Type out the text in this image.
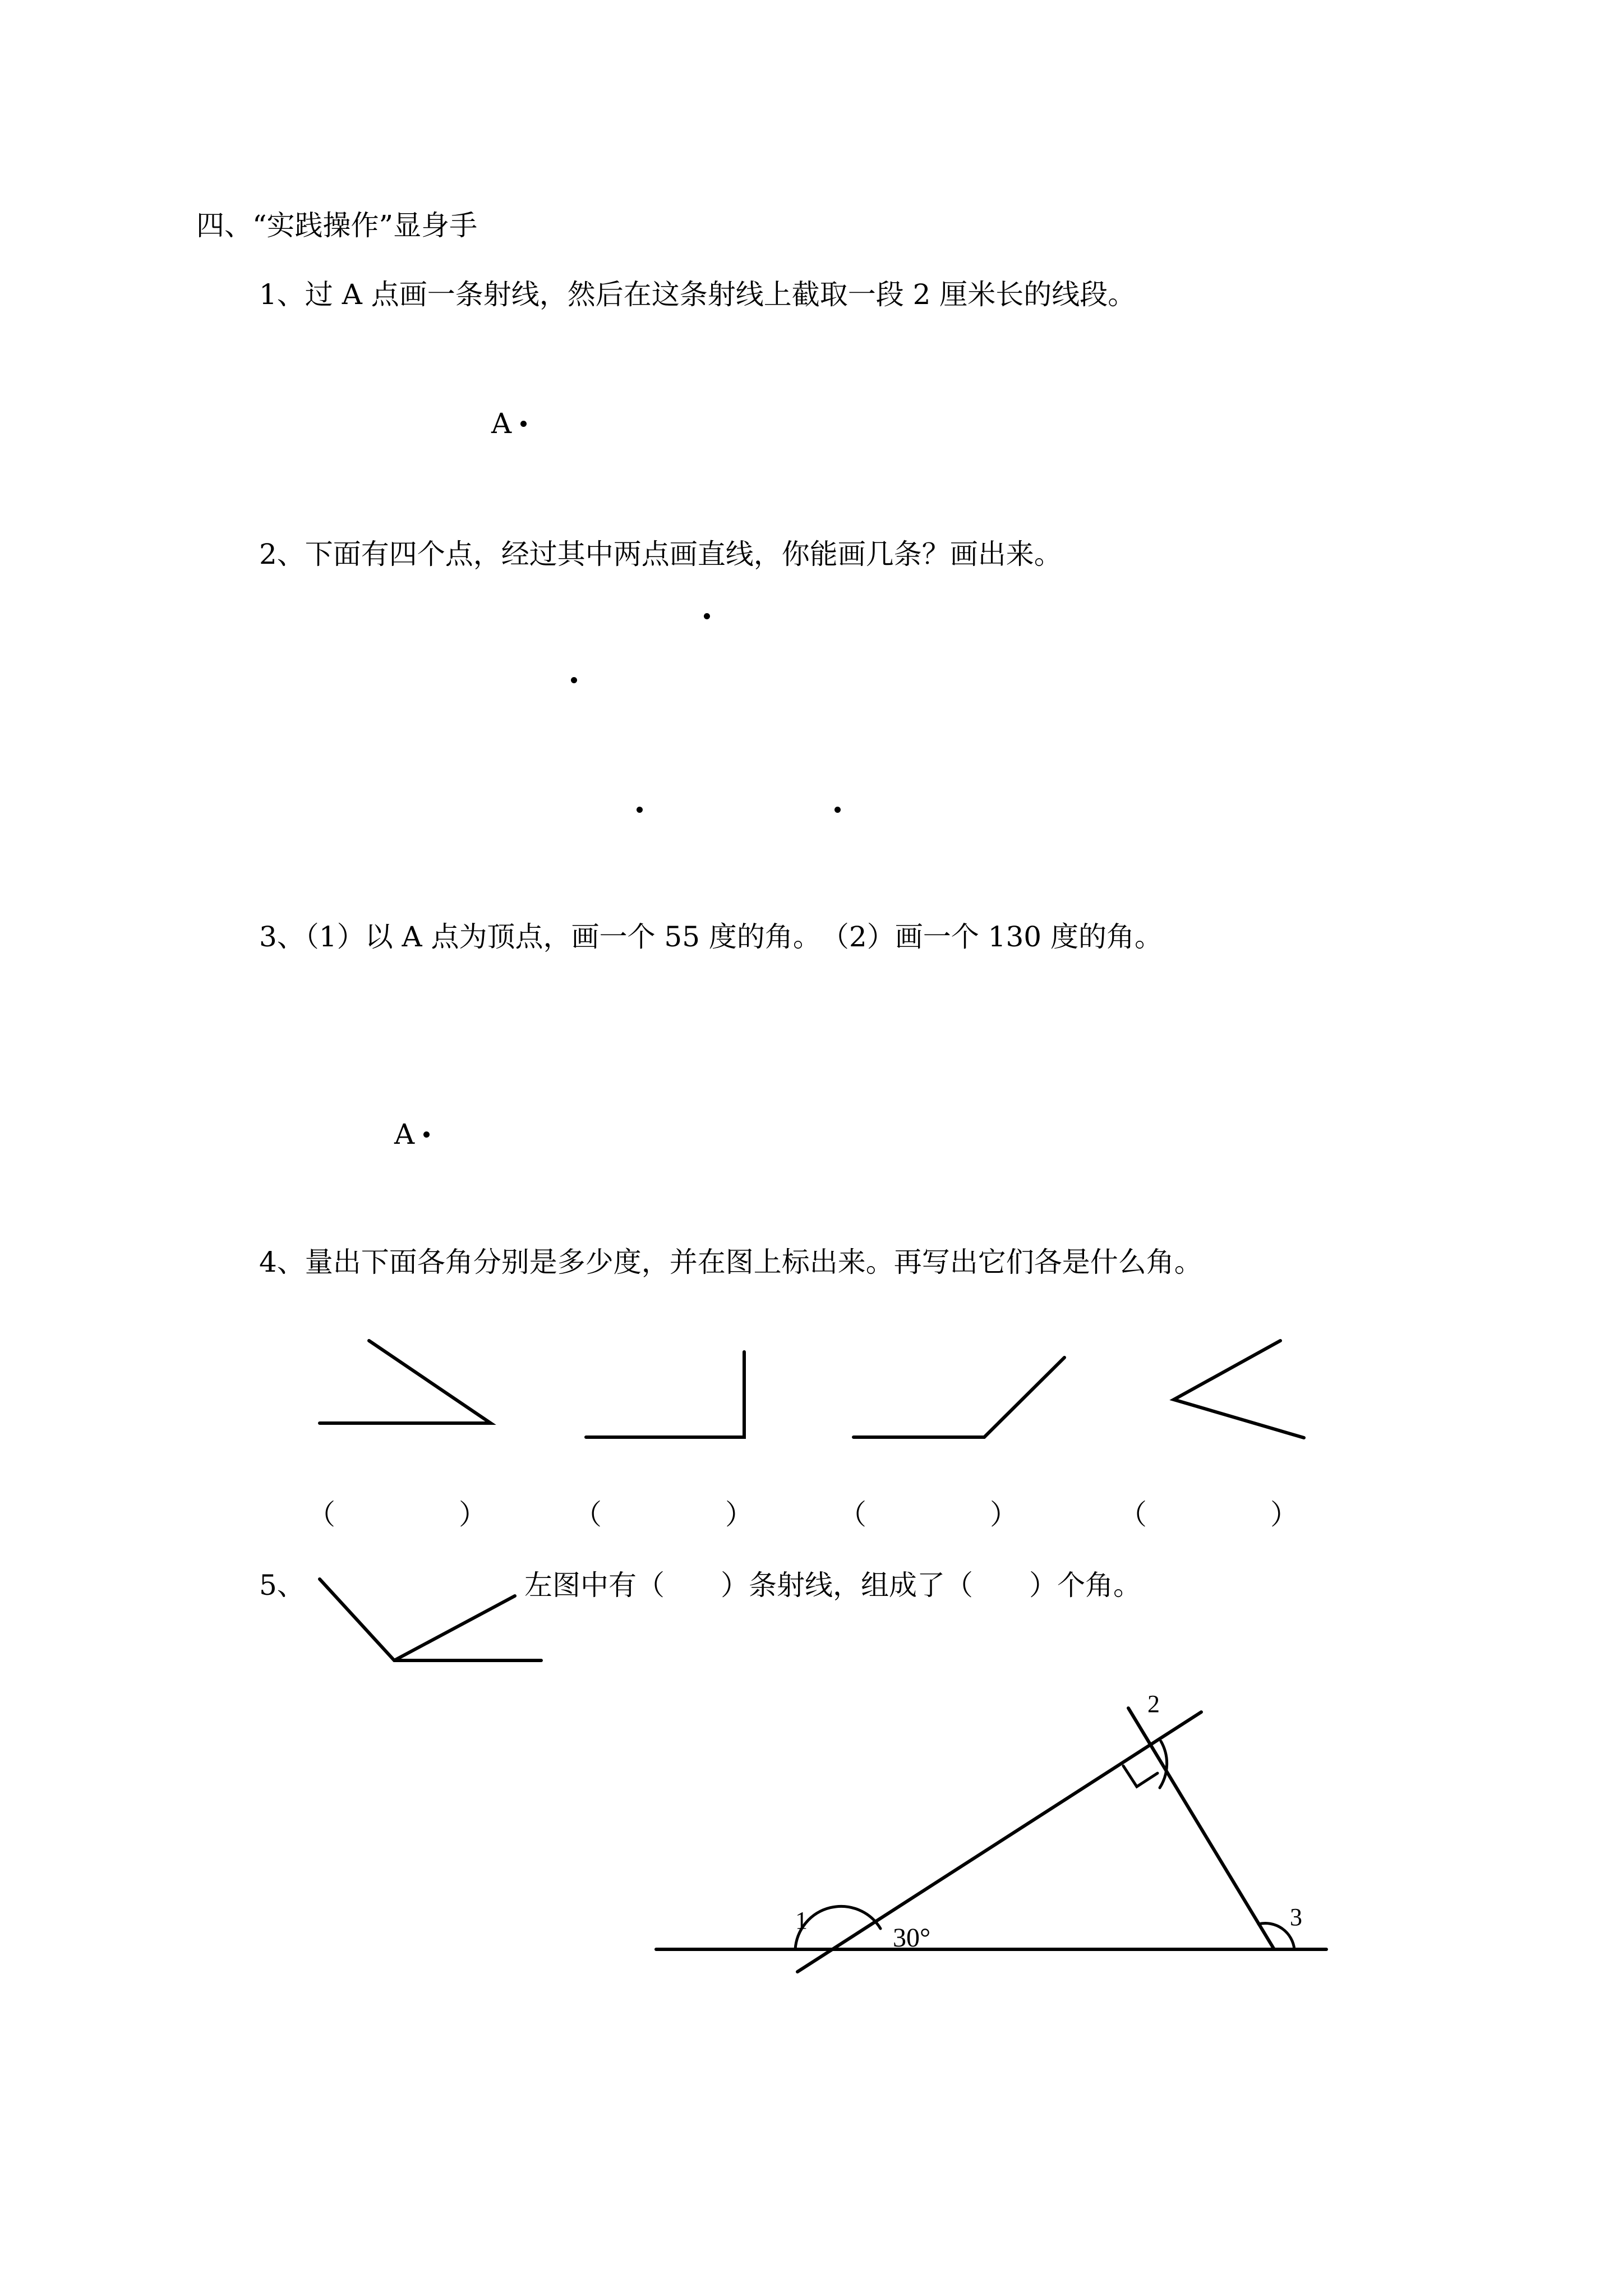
四、“实践操作”显身手
1、过 A 点画一条射线，然后在这条射线上截取一段 2 厘米长的线段。
A
2、下面有四个点，经过其中两点画直线，你能画几条？画出来。
3、（1）以 A 点为顶点，画一个 55 度的角。　（2）画一个 130 度的角。
A
4、量出下面各角分别是多少度，并在图上标出来。再写出它们各是什么角。
（	）	（	）	（	）	（	）
5、	左图中有（　　）条射线，组成了（　　）个角。
1
2
3
30°
